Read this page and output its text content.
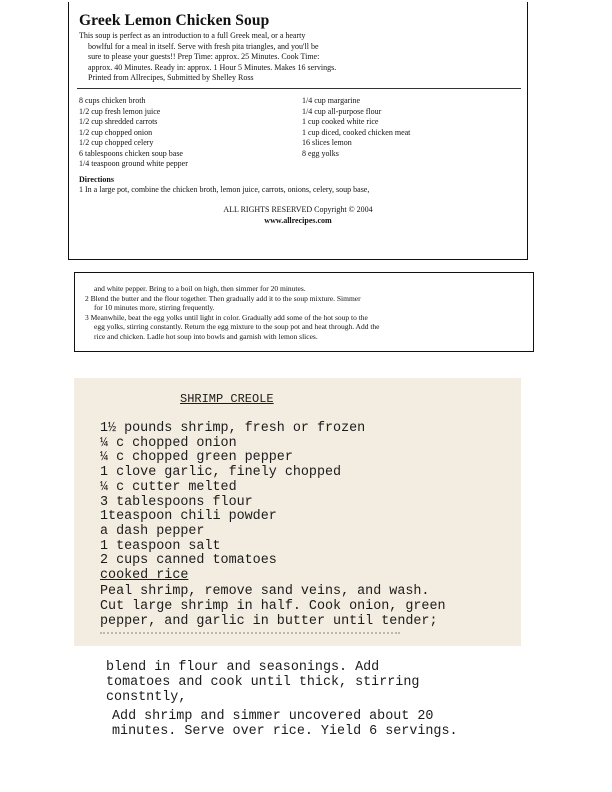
Greek Lemon Chicken Soup
This soup is perfect as an introduction to a full Greek meal, or a hearty
bowlful for a meal in itself. Serve with fresh pita triangles, and you'll be
sure to please your guests!! Prep Time: approx. 25 Minutes. Cook Time:
approx. 40 Minutes. Ready in: approx. 1 Hour 5 Minutes. Makes 16 servings.
Printed from Allrecipes, Submitted by Shelley Ross
8 cups chicken broth
1/2 cup fresh lemon juice
1/2 cup shredded carrots
1/2 cup chopped onion
1/2 cup chopped celery
6 tablespoons chicken soup base
1/4 teaspoon ground white pepper
1/4 cup margarine
1/4 cup all-purpose flour
1 cup cooked white rice
1 cup diced, cooked chicken meat
16 slices lemon
8 egg yolks
Directions
1 In a large pot, combine the chicken broth, lemon juice, carrots, onions, celery, soup base,
ALL RIGHTS RESERVED Copyright © 2004
www.allrecipes.com
and white pepper. Bring to a boil on high, then simmer for 20 minutes.
2 Blend the butter and the flour together. Then gradually add it to the soup mixture. Simmer
for 10 minutes more, stirring frequently.
3 Meanwhile, beat the egg yolks until light in color. Gradually add some of the hot soup to the
egg yolks, stirring constantly. Return the egg mixture to the soup pot and heat through. Add the
rice and chicken. Ladle hot soup into bowls and garnish with lemon slices.
SHRIMP CREOLE
1½ pounds shrimp, fresh or frozen
¼ c chopped onion
¼ c chopped green pepper
1 clove garlic, finely chopped
¼ c cutter melted
3 tablespoons flour
1teaspoon chili powder
a dash pepper
1 teaspoon salt
2 cups canned tomatoes
cooked rice
Peal shrimp, remove sand veins, and wash.
Cut large shrimp in half. Cook onion, green
pepper, and garlic in butter until tender;
blend in flour and seasonings. Add
tomatoes and cook until thick, stirring
constntly,
Add shrimp and simmer uncovered about 20
minutes. Serve over rice. Yield 6 servings.
